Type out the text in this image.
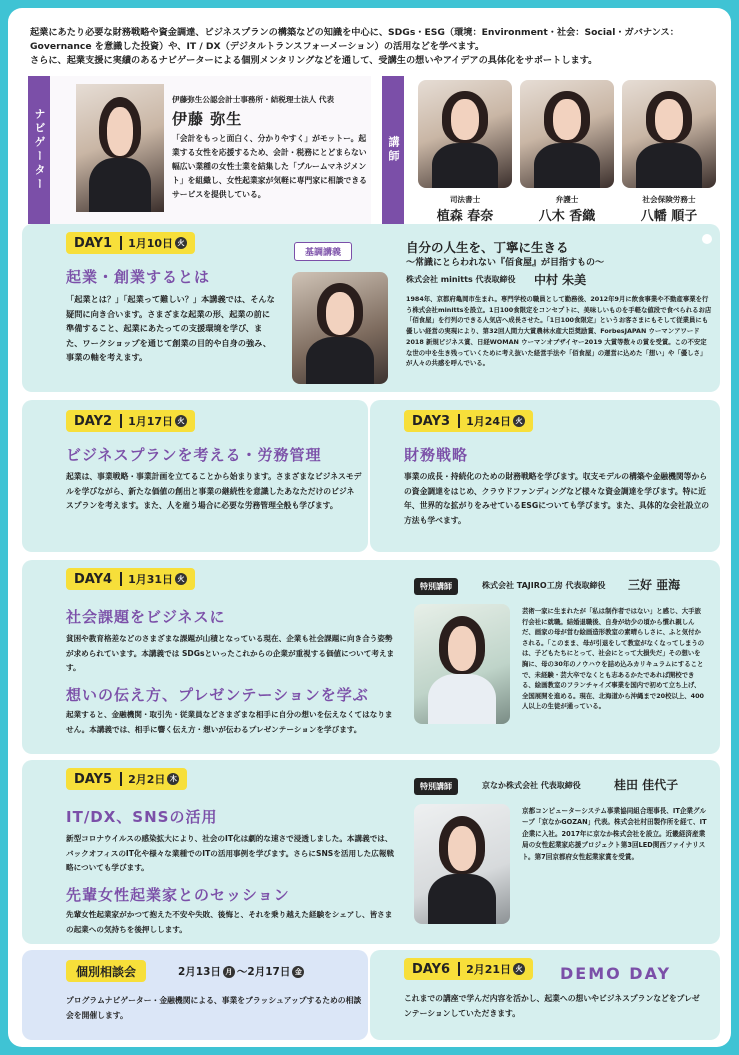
起業にあたり必要な財務戦略や資金調達、ビジネスプランの構築などの知識を中心に、SDGs・ESG（環境：Environment・社会：Social・ガバナンス：Governance を意識した投資）や、IT / DX（デジタルトランスフォーメーション）の活用などを学べます。
さらに、起業支援に実績のあるナビゲーターによる個別メンタリングなどを通して、受講生の想いやアイデアの具体化をサポートします。
ナビゲーター
伊藤弥生公認会計士事務所・結税理士法人 代表
伊藤 弥生
「会計をもっと面白く、分かりやすく」がモットー。起業する女性を応援するため、会計・税務にとどまらない幅広い業種の女性士業を結集した「ブルームマネジメント」を組織し、女性起業家が気軽に専門家に相談できるサービスを提供している。
講師
司法書士
植森 春奈
弁護士
八木 香織
社会保険労務士
八幡 順子
DAY1 1月10日 火
起業・創業するとは
「起業とは？」「起業って難しい？」本講義では、そんな疑問に向き合います。さまざまな起業の形、起業の前に準備すること、起業にあたっての支援環境を学び、また、ワークショップを通じて創業の目的や自身の強み、事業の軸を考えます。
基調講義	自分の人生を、丁寧に生きる
～常識にとらわれない『佰食屋』が目指すもの～
株式会社 minitts 代表取締役 中村 朱美
1984年、京都府亀岡市生まれ。専門学校の職員として勤務後、2012年9月に飲食事業や不動産事業を行う株式会社minittsを設立。1日100食限定をコンセプトに、美味しいものを手軽な値段で食べられるお店「佰食屋」を行列のできる人気店へ成長させた。「1日100食限定」というお客さまにもそして従業員にも優しい経営の実現により、第32回人間力大賞農林水産大臣奨励賞、ForbesJAPAN ウーマンアワード2018 新規ビジネス賞、日経WOMAN ウーマンオブザイヤー2019 大賞等数々の賞を受賞。この不安定な世の中を生き残っていくために考え抜いた経営手法や「佰食屋」の運営に込めた「想い」や「優しさ」が人々の共感を呼んでいる。
DAY2 1月17日 火
ビジネスプランを考える・労務管理
起業は、事業戦略・事業計画を立てることから始まります。さまざまなビジネスモデルを学びながら、新たな価値の創出と事業の継続性を意識したあなただけのビジネスプランを考えます。また、人を雇う場合に必要な労務管理全般も学びます。
DAY3 1月24日 火
財務戦略
事業の成長・持続化のための財務戦略を学びます。収支モデルの構築や金融機関等からの資金調達をはじめ、クラウドファンディングなど様々な資金調達を学びます。特に近年、世界的な拡がりをみせているESGについても学びます。また、具体的な会社設立の方法も学べます。
DAY4 1月31日 火
社会課題をビジネスに
貧困や教育格差などのさまざまな課題が山積となっている現在、企業も社会課題に向き合う姿勢が求められています。本講義では SDGsといったこれからの企業が重視する価値について考えます。
想いの伝え方、プレゼンテーションを学ぶ
起業すると、金融機関・取引先・従業員などさまざまな相手に自分の想いを伝えなくてはなりません。本講義では、相手に響く伝え方・想いが伝わるプレゼンテーションを学びます。
特別講師	株式会社 TAJIRO工房 代表取締役 三好 亜海
芸術一家に生まれたが「私は制作者ではない」と感じ、大手旅行会社に就職。結婚退職後、自身が幼少の頃から慣れ親しんだ、画家の母が営む絵画造形教室の素晴らしさに、ふと気付かされる。「このまま、母が引退をして教室がなくなってしまうのは、子どもたちにとって、社会にとって大損失だ」その想いを胸に、母の30年のノウハウを詰め込みカリキュラムにすることで、未経験・芸大卒でなくとも志あるかたであれば開校できる、絵画教室のフランチャイズ事業を国内で初めて立ち上げ、全国展開を進める。現在、北海道から沖縄まで20校以上、400人以上の生徒が通っている。
DAY5 2月2日 木
IT/DX、SNSの活用
新型コロナウイルスの感染拡大により、社会のIT化は劇的な速さで浸透しました。本講義では、バックオフィスのIT化や様々な業種でのITの活用事例を学びます。さらにSNSを活用した広報戦略についても学びます。
先輩女性起業家とのセッション
先輩女性起業家がかつて抱えた不安や失敗、後悔と、それを乗り越えた経験をシェアし、皆さまの起業への気持ちを後押しします。
特別講師	京なか株式会社 代表取締役	桂田 佳代子
京都コンピューターシステム事業協同組合理事長、IT企業グループ「京なかGOZAN」代表。株式会社村田製作所を経て、IT企業に入社。2017年に京なか株式会社を設立。近畿経済産業局の女性起業家応援プロジェクト第3回LED関西ファイナリスト。第7回京都府女性起業家賞を受賞。
個別相談会	2月13日 月 ～ 2月17日 金
プログラムナビゲーター・金融機関による、事業をブラッシュアップするための相談会を開催します。
DAY6 2月21日 火 DEMO DAY
これまでの講座で学んだ内容を活かし、起業への想いやビジネスプランなどをプレゼンテーションしていただきます。
